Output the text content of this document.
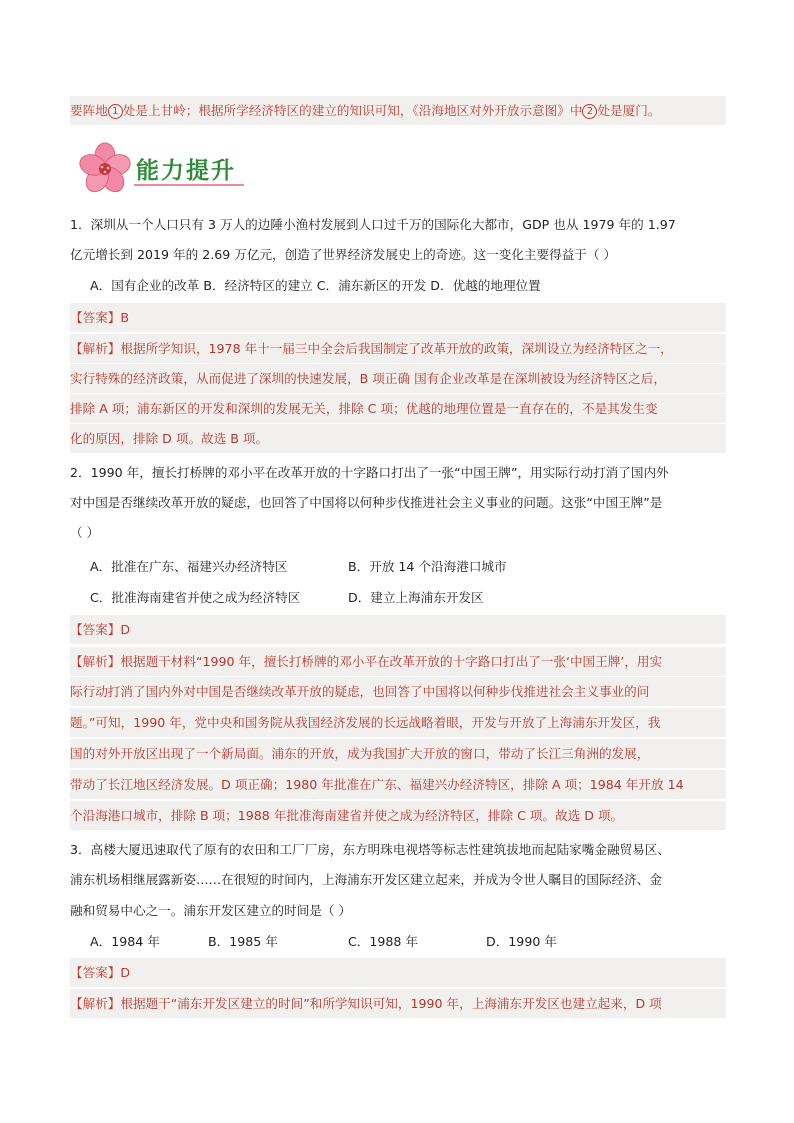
要阵地 1 处是上甘岭；根据所学经济特区的建立的知识可知，《沿海地区对外开放示意图》中 2 处是厦门。
能力提升
1．深圳从一个人口只有 3 万人的边陲小渔村发展到人口过千万的国际化大都市，GDP 也从 1979 年的 1.97
亿元增长到 2019 年的 2.69 万亿元，创造了世界经济发展史上的奇迹。这一变化主要得益于（ ）
A．国有企业的改革 B．经济特区的建立 C．浦东新区的开发 D．优越的地理位置
【答案】B
【解析】根据所学知识，1978 年十一届三中全会后我国制定了改革开放的政策，深圳设立为经济特区之一，
实行特殊的经济政策，从而促进了深圳的快速发展，B 项正确 国有企业改革是在深圳被设为经济特区之后，
排除 A 项；浦东新区的开发和深圳的发展无关，排除 C 项；优越的地理位置是一直存在的，不是其发生变
化的原因，排除 D 项。故选 B 项。
2．1990 年，擅长打桥牌的邓小平在改革开放的十字路口打出了一张“中国王牌”，用实际行动打消了国内外
对中国是否继续改革开放的疑虑，也回答了中国将以何种步伐推进社会主义事业的问题。这张“中国王牌”是
（ ）
A．批准在广东、福建兴办经济特区	B．开放 14 个沿海港口城市
C．批准海南建省并使之成为经济特区	D．建立上海浦东开发区
【答案】D
【解析】根据题干材料“1990 年，擅长打桥牌的邓小平在改革开放的十字路口打出了一张‘中国王牌’，用实
际行动打消了国内外对中国是否继续改革开放的疑虑，也回答了中国将以何种步伐推进社会主义事业的问
题。”可知，1990 年，党中央和国务院从我国经济发展的长远战略着眼，开发与开放了上海浦东开发区，我
国的对外开放区出现了一个新局面。浦东的开放，成为我国扩大开放的窗口，带动了长江三角洲的发展，
带动了长江地区经济发展。D 项正确；1980 年批准在广东、福建兴办经济特区，排除 A 项；1984 年开放 14
个沿海港口城市，排除 B 项；1988 年批准海南建省并使之成为经济特区，排除 C 项。故选 D 项。
3．高楼大厦迅速取代了原有的农田和工厂厂房，东方明珠电视塔等标志性建筑拔地而起陆家嘴金融贸易区、
浦东机场相继展露新姿……在很短的时间内，上海浦东开发区建立起来，并成为令世人瞩目的国际经济、金
融和贸易中心之一。浦东开发区建立的时间是（ ）
A．1984 年	B．1985 年	C．1988 年	D．1990 年
【答案】D
【解析】根据题干“浦东开发区建立的时间”和所学知识可知，1990 年，上海浦东开发区也建立起来，D 项
